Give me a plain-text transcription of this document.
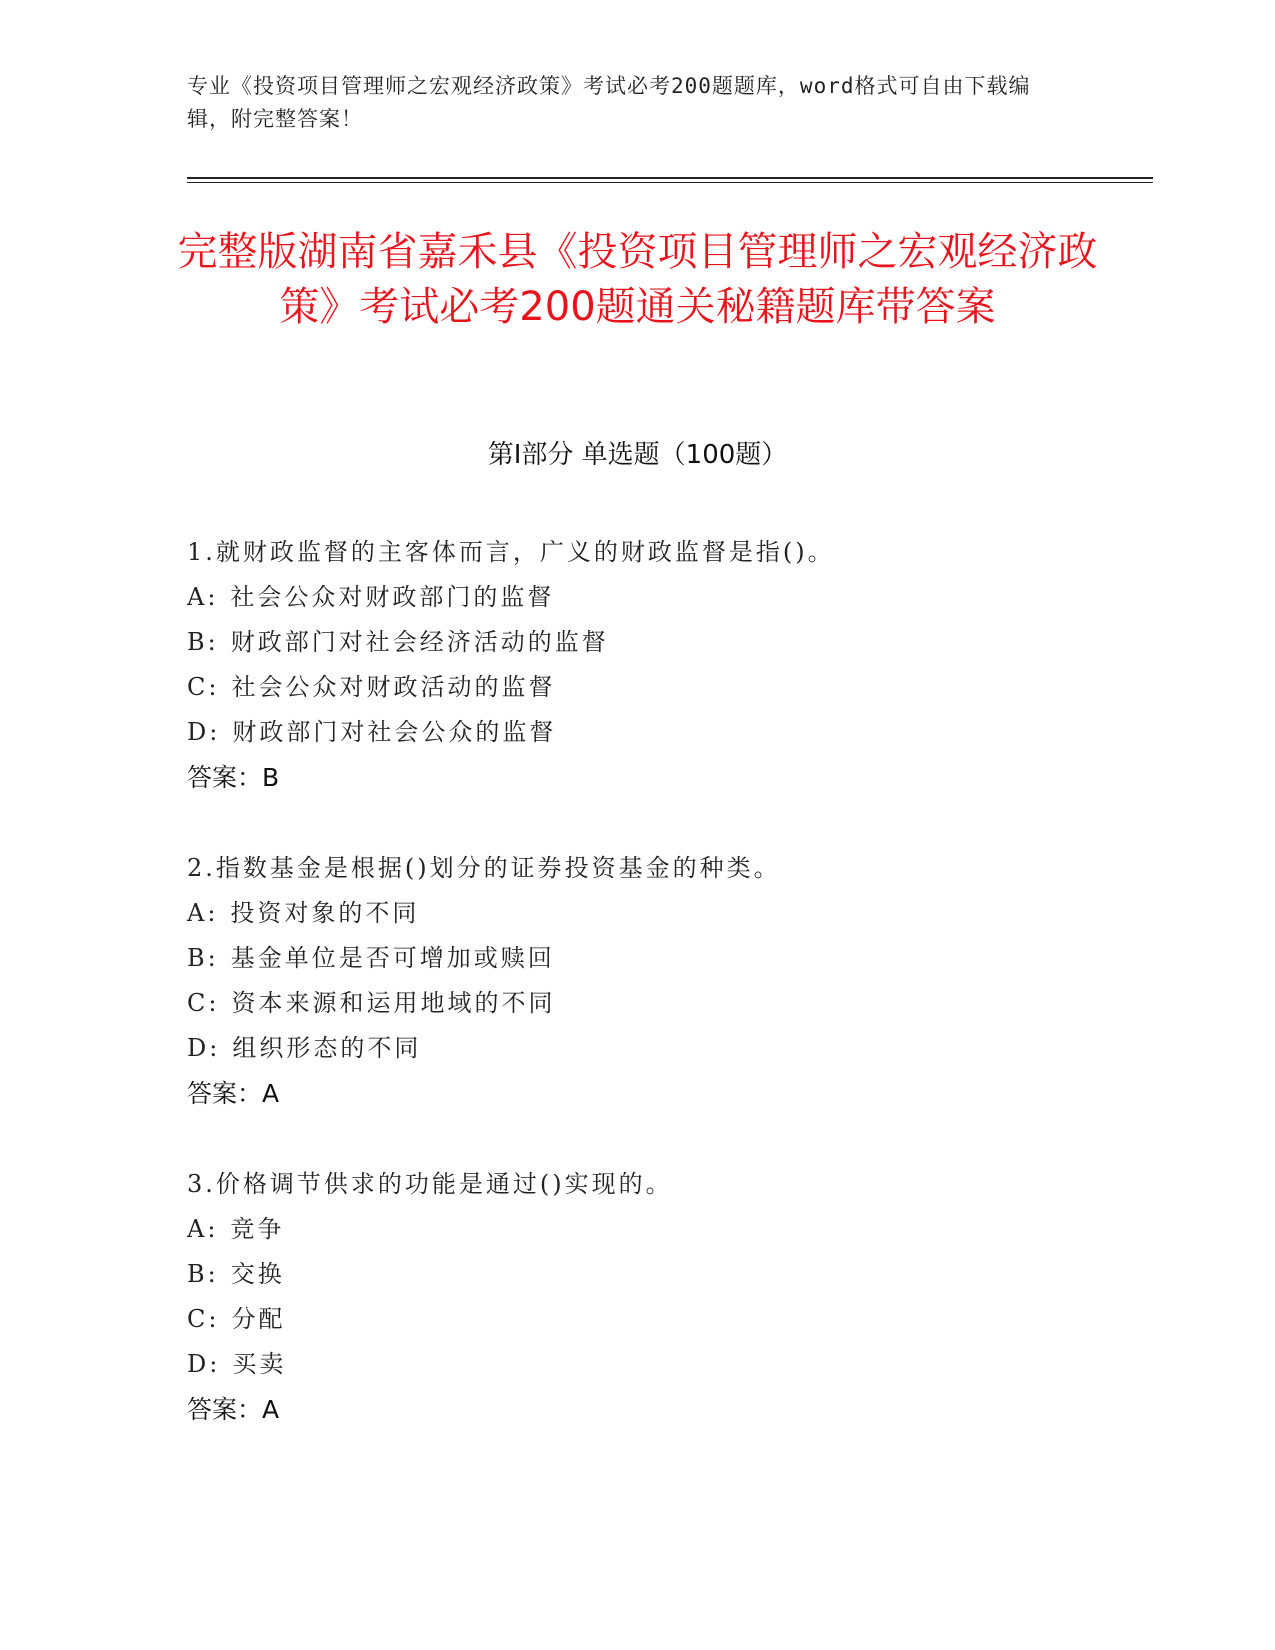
专业《投资项目管理师之宏观经济政策》考试必考200题题库，word格式可自由下载编辑，附完整答案！
完整版湖南省嘉禾县《投资项目管理师之宏观经济政策》考试必考200题通关秘籍题库带答案
第Ⅰ部分 单选题（100题）
1.就财政监督的主客体而言，广义的财政监督是指()。
A: 社会公众对财政部门的监督
B: 财政部门对社会经济活动的监督
C: 社会公众对财政活动的监督
D: 财政部门对社会公众的监督
答案：B
2.指数基金是根据()划分的证券投资基金的种类。
A: 投资对象的不同
B: 基金单位是否可增加或赎回
C: 资本来源和运用地域的不同
D: 组织形态的不同
答案：A
3.价格调节供求的功能是通过()实现的。
A: 竞争
B: 交换
C: 分配
D: 买卖
答案：A
